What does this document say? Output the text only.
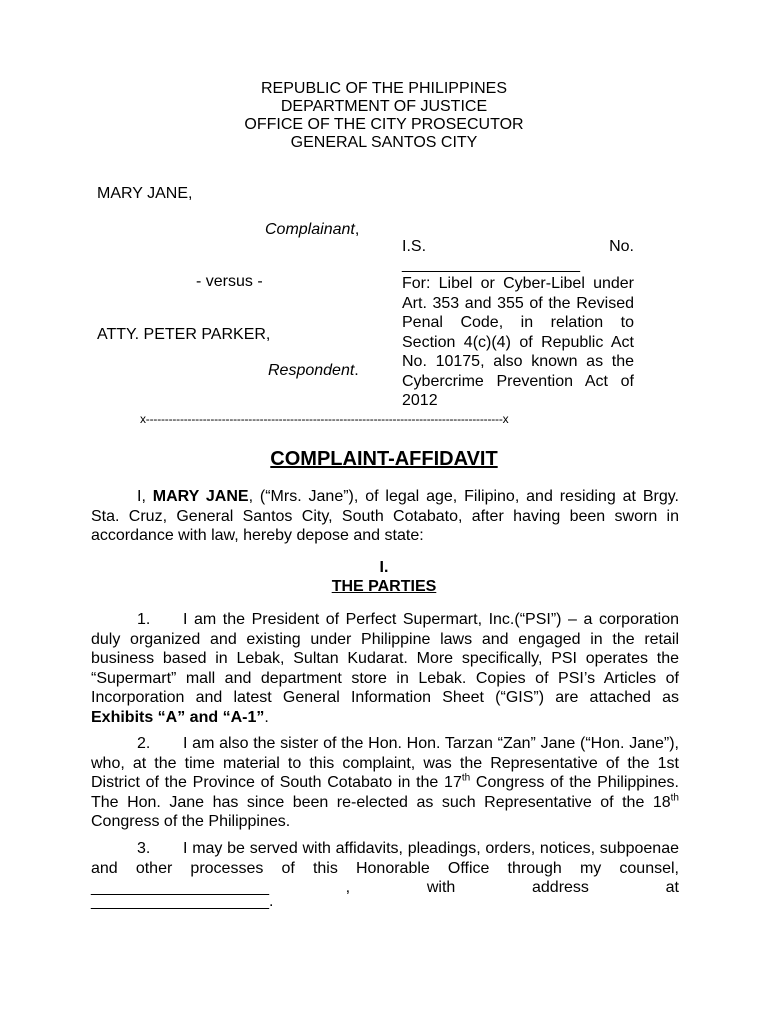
REPUBLIC OF THE PHILIPPINES
DEPARTMENT OF JUSTICE
OFFICE OF THE CITY PROSECUTOR
GENERAL SANTOS CITY
MARY JANE,
Complainant,
- versus -
ATTY. PETER PARKER,
Respondent.
I.S.	No.
____________________
For: Libel or Cyber-Libel under Art. 353 and 355 of the Revised Penal Code, in relation to Section 4(c)(4) of Republic Act No. 10175, also known as the Cybercrime Prevention Act of 2012
x----------------------------------------------------------------------------------------------x
COMPLAINT-AFFIDAVIT
I, MARY JANE, (“Mrs. Jane”), of legal age, Filipino, and residing at Brgy. Sta. Cruz, General Santos City, South Cotabato, after having been sworn in accordance with law, hereby depose and state:
I.
THE PARTIES
1. I am the President of Perfect Supermart, Inc.(“PSI”) – a corporation duly organized and existing under Philippine laws and engaged in the retail business based in Lebak, Sultan Kudarat. More specifically, PSI operates the “Supermart” mall and department store in Lebak. Copies of PSI’s Articles of Incorporation and latest General Information Sheet (“GIS”) are attached as Exhibits “A” and “A-1”.
2. I am also the sister of the Hon. Hon. Tarzan “Zan” Jane (“Hon. Jane”), who, at the time material to this complaint, was the Representative of the 1st District of the Province of South Cotabato in the 17th Congress of the Philippines. The Hon. Jane has since been re-elected as such Representative of the 18th Congress of the Philippines.
3. I may be served with affidavits, pleadings, orders, notices, subpoenae and other processes of this Honorable Office through my counsel, ____________________ , with address at
____________________.
